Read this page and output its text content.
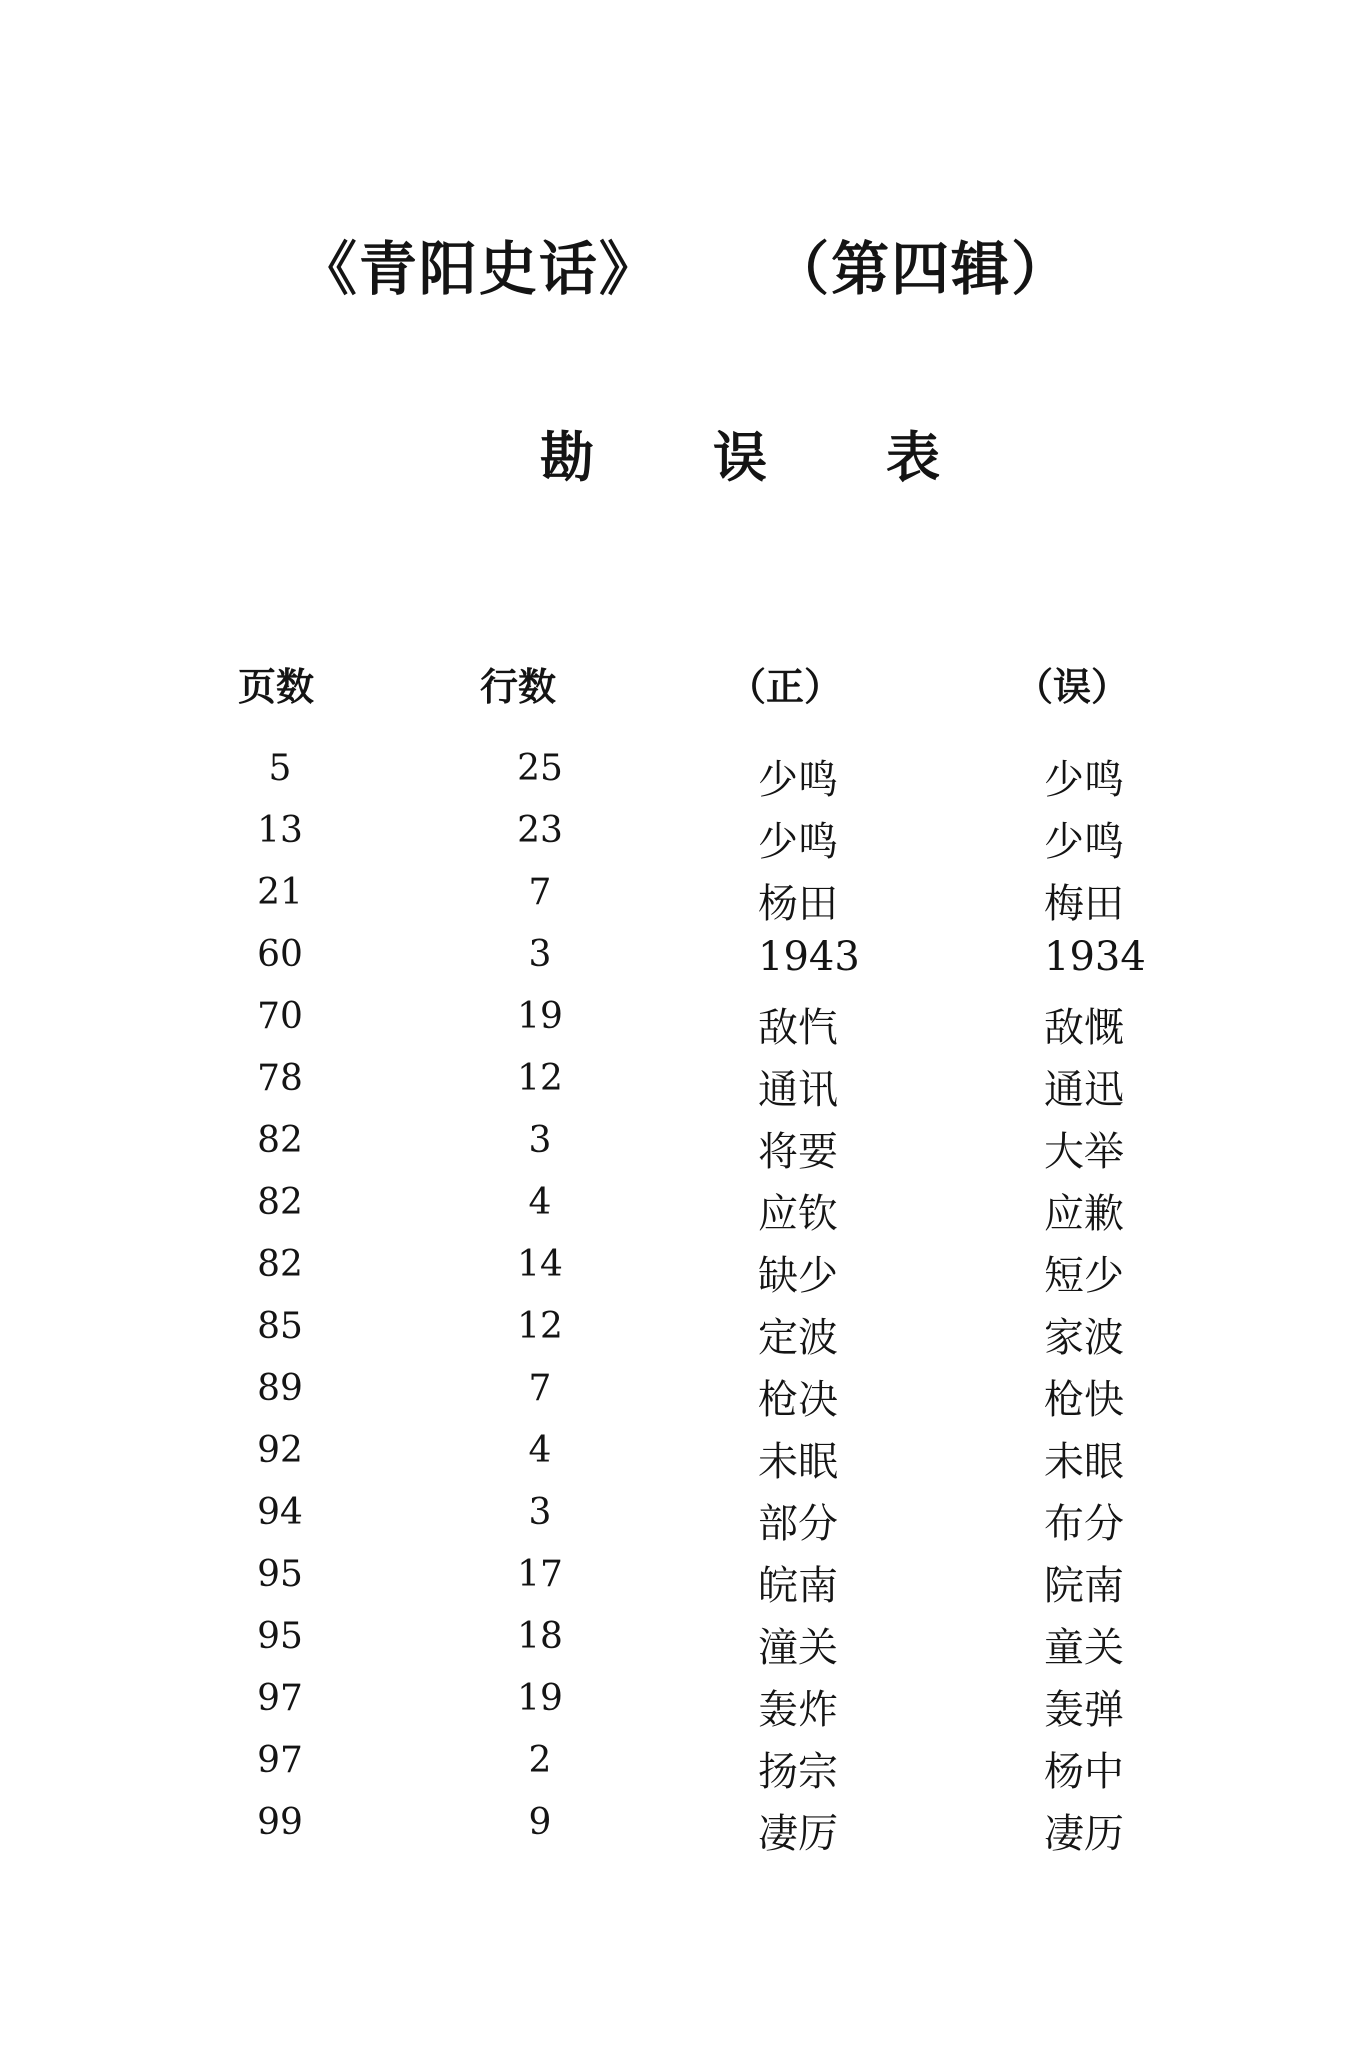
《青阳史话》 （第四辑）
勘 误 表
页数	行数	（正）	（误）
5	25	少鸣	少鸣
13	23	少鸣	少鸣
21	7	杨田	梅田
60	3	1943	1934
70	19	敌忾	敌慨
78	12	通讯	通迅
82	3	将要	大举
82	4	应钦	应歉
82	14	缺少	短少
85	12	定波	家波
89	7	枪决	枪快
92	4	未眠	未眼
94	3	部分	布分
95	17	皖南	院南
95	18	潼关	童关
97	19	轰炸	轰弹
97	2	扬宗	杨中
99	9	凄厉	凄历
